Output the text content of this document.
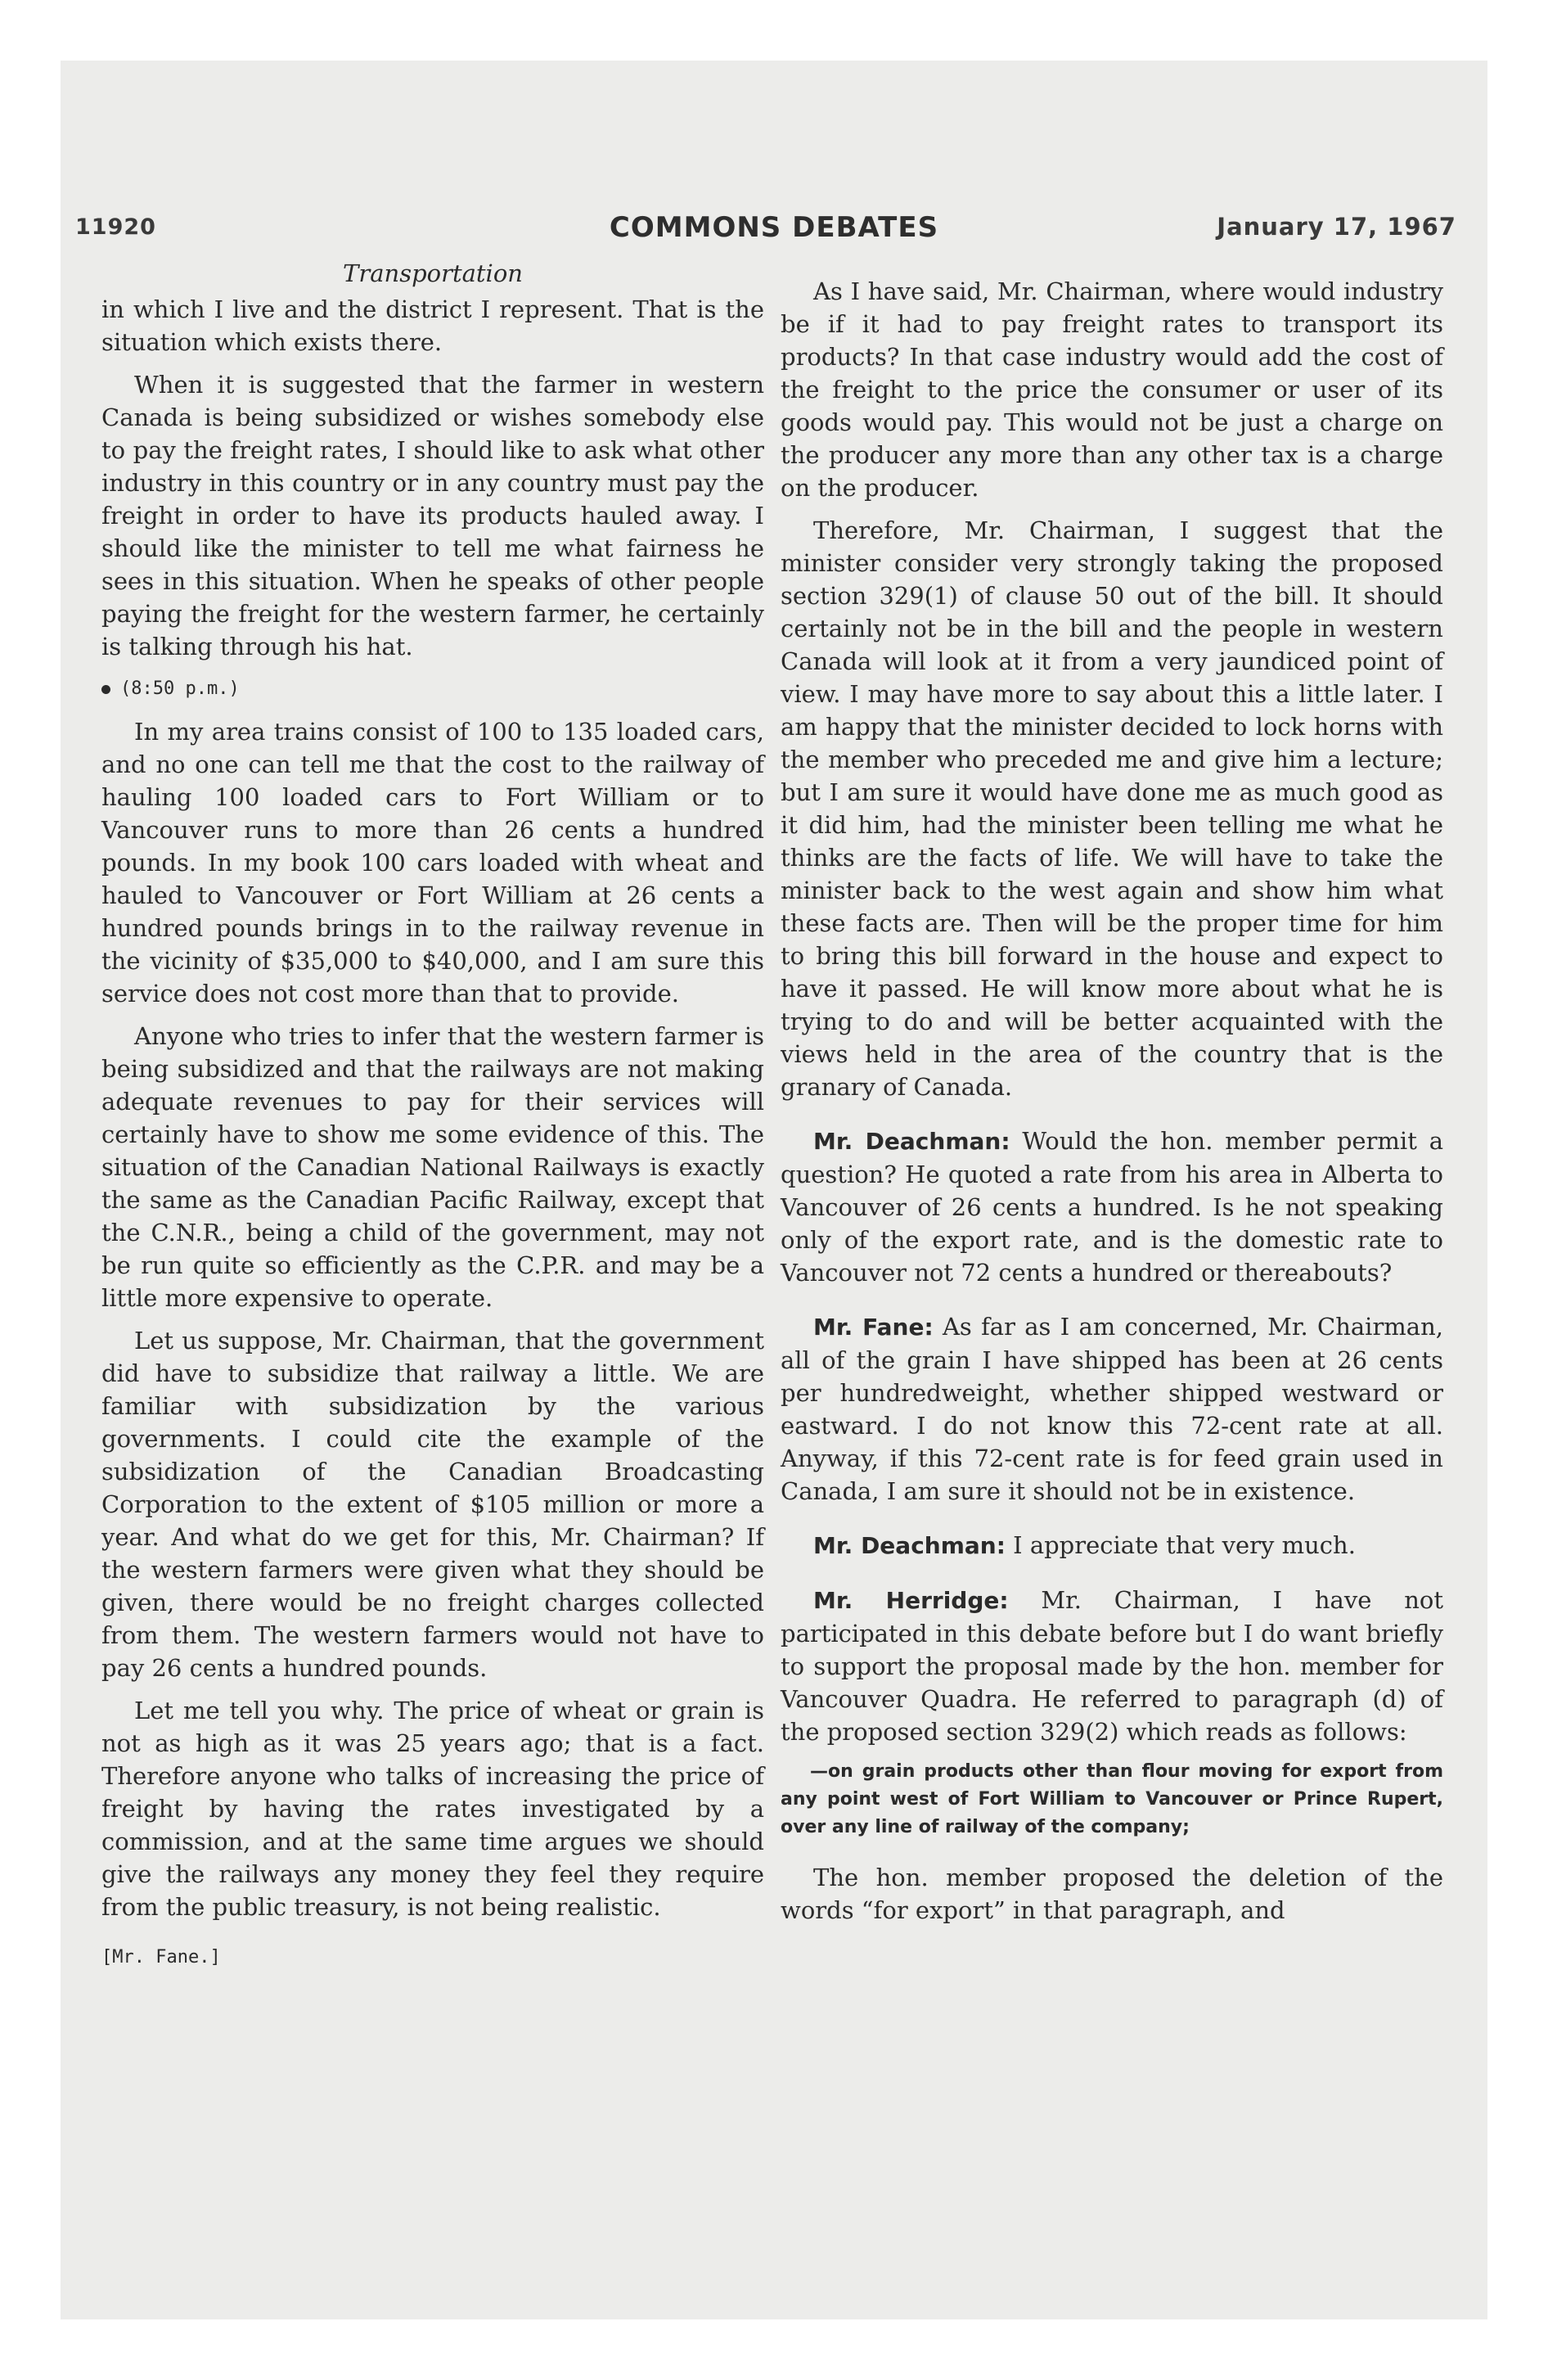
11920	COMMONS DEBATES	January 17, 1967
Transportation

in which I live and the district I represent. That is the situation which exists there.

When it is suggested that the farmer in western Canada is being subsidized or wishes somebody else to pay the freight rates, I should like to ask what other industry in this country or in any country must pay the freight in order to have its products hauled away. I should like the minister to tell me what fairness he sees in this situation. When he speaks of other people paying the freight for the western farmer, he certainly is talking through his hat.

(8:50 p.m.)

In my area trains consist of 100 to 135 loaded cars, and no one can tell me that the cost to the railway of hauling 100 loaded cars to Fort William or to Vancouver runs to more than 26 cents a hundred pounds. In my book 100 cars loaded with wheat and hauled to Vancouver or Fort William at 26 cents a hundred pounds brings in to the railway revenue in the vicinity of $35,000 to $40,000, and I am sure this service does not cost more than that to provide.

Anyone who tries to infer that the western farmer is being subsidized and that the railways are not making adequate revenues to pay for their services will certainly have to show me some evidence of this. The situation of the Canadian National Railways is exactly the same as the Canadian Pacific Railway, except that the C.N.R., being a child of the government, may not be run quite so efficiently as the C.P.R. and may be a little more expensive to operate.

Let us suppose, Mr. Chairman, that the government did have to subsidize that railway a little. We are familiar with subsidization by the various governments. I could cite the example of the subsidization of the Canadian Broadcasting Corporation to the extent of $105 million or more a year. And what do we get for this, Mr. Chairman? If the western farmers were given what they should be given, there would be no freight charges collected from them. The western farmers would not have to pay 26 cents a hundred pounds.

Let me tell you why. The price of wheat or grain is not as high as it was 25 years ago; that is a fact. Therefore anyone who talks of increasing the price of freight by having the rates investigated by a commission, and at the same time argues we should give the railways any money they feel they require from the public treasury, is not being realistic.

[Mr. Fane.]

As I have said, Mr. Chairman, where would industry be if it had to pay freight rates to transport its products? In that case industry would add the cost of the freight to the price the consumer or user of its goods would pay. This would not be just a charge on the producer any more than any other tax is a charge on the producer.

Therefore, Mr. Chairman, I suggest that the minister consider very strongly taking the proposed section 329(1) of clause 50 out of the bill. It should certainly not be in the bill and the people in western Canada will look at it from a very jaundiced point of view. I may have more to say about this a little later. I am happy that the minister decided to lock horns with the member who preceded me and give him a lecture; but I am sure it would have done me as much good as it did him, had the minister been telling me what he thinks are the facts of life. We will have to take the minister back to the west again and show him what these facts are. Then will be the proper time for him to bring this bill forward in the house and expect to have it passed. He will know more about what he is trying to do and will be better acquainted with the views held in the area of the country that is the granary of Canada.

Mr. Deachman: Would the hon. member permit a question? He quoted a rate from his area in Alberta to Vancouver of 26 cents a hundred. Is he not speaking only of the export rate, and is the domestic rate to Vancouver not 72 cents a hundred or thereabouts?

Mr. Fane: As far as I am concerned, Mr. Chairman, all of the grain I have shipped has been at 26 cents per hundredweight, whether shipped westward or eastward. I do not know this 72-cent rate at all. Anyway, if this 72-cent rate is for feed grain used in Canada, I am sure it should not be in existence.

Mr. Deachman: I appreciate that very much.

Mr. Herridge: Mr. Chairman, I have not participated in this debate before but I do want briefly to support the proposal made by the hon. member for Vancouver Quadra. He referred to paragraph (d) of the proposed section 329(2) which reads as follows:

—on grain products other than flour moving for export from any point west of Fort William to Vancouver or Prince Rupert, over any line of railway of the company;

The hon. member proposed the deletion of the words “for export” in that paragraph, and
